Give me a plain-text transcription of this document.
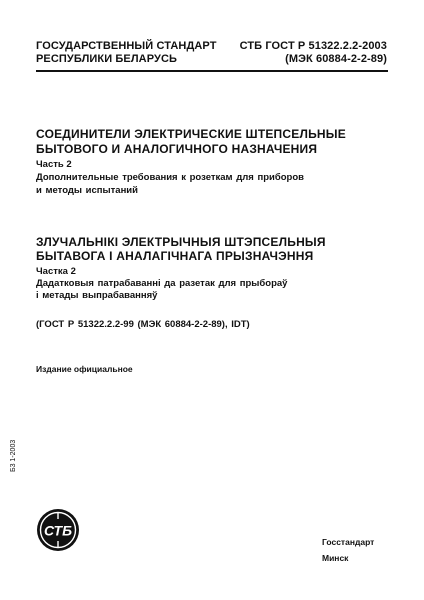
ГОСУДАРСТВЕННЫЙ СТАНДАРТ
РЕСПУБЛИКИ БЕЛАРУСЬ
СТБ ГОСТ Р 51322.2.2-2003
(МЭК 60884-2-2-89)
СОЕДИНИТЕЛИ ЭЛЕКТРИЧЕСКИЕ ШТЕПСЕЛЬНЫЕ
БЫТОВОГО И АНАЛОГИЧНОГО НАЗНАЧЕНИЯ
Часть 2
Дополнительные требования к розеткам для приборов
и методы испытаний
ЗЛУЧАЛЬНІКІ ЭЛЕКТРЫЧНЫЯ ШТЭПСЕЛЬНЫЯ
БЫТАВОГА І АНАЛАГІЧНАГА ПРЫЗНАЧЭННЯ
Частка 2
Дадатковыя патрабаванні да разетак для прыбораў
і метады выпрабаванняў
(ГОСТ Р 51322.2.2-99 (МЭК 60884-2-2-89), IDT)
Издание официальное
Б3 1-2003
СТБ
Госстандарт
Минск
